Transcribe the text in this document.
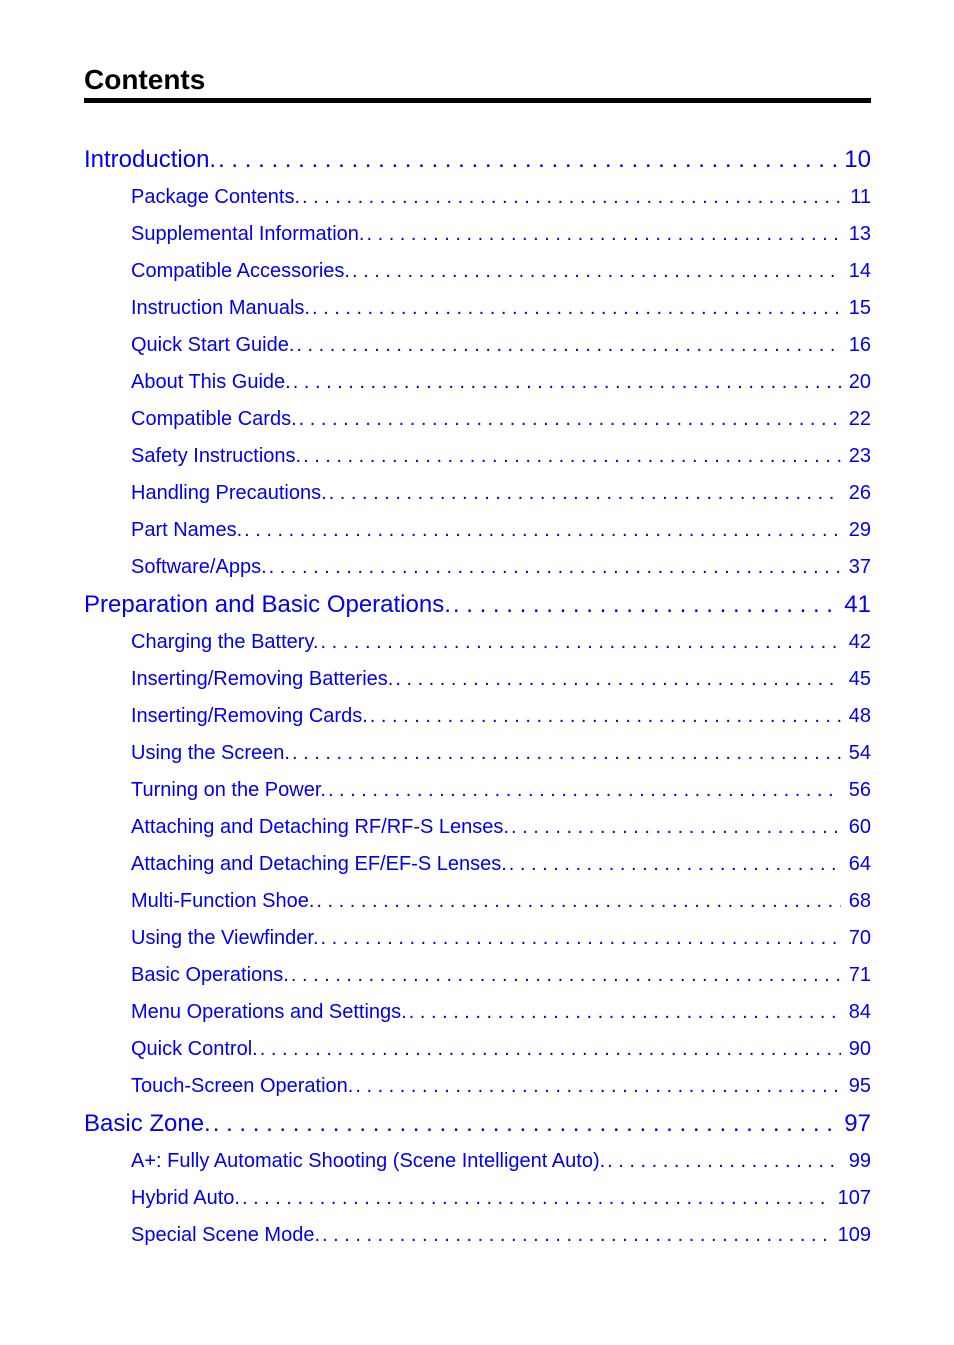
Contents
Introduction. . . .	10
Package Contents. . . .	11
Supplemental Information. . . .	13
Compatible Accessories. . . .	14
Instruction Manuals. . . .	15
Quick Start Guide. . . .	16
About This Guide. . . .	20
Compatible Cards. . . .	22
Safety Instructions. . . .	23
Handling Precautions. . . .	26
Part Names. . . .	29
Software/Apps. . . .	37
Preparation and Basic Operations. . . .	41
Charging the Battery. . . .	42
Inserting/Removing Batteries. . . .	45
Inserting/Removing Cards. . . .	48
Using the Screen. . . .	54
Turning on the Power. . . .	56
Attaching and Detaching RF/RF-S Lenses. . . .	60
Attaching and Detaching EF/EF-S Lenses. . . .	64
Multi-Function Shoe. . . .	68
Using the Viewfinder. . . .	70
Basic Operations. . . .	71
Menu Operations and Settings. . . .	84
Quick Control. . . .	90
Touch-Screen Operation. . . .	95
Basic Zone. . . .	97
A+: Fully Automatic Shooting (Scene Intelligent Auto). . . .	99
Hybrid Auto. . . .	107
Special Scene Mode. . . .	109
